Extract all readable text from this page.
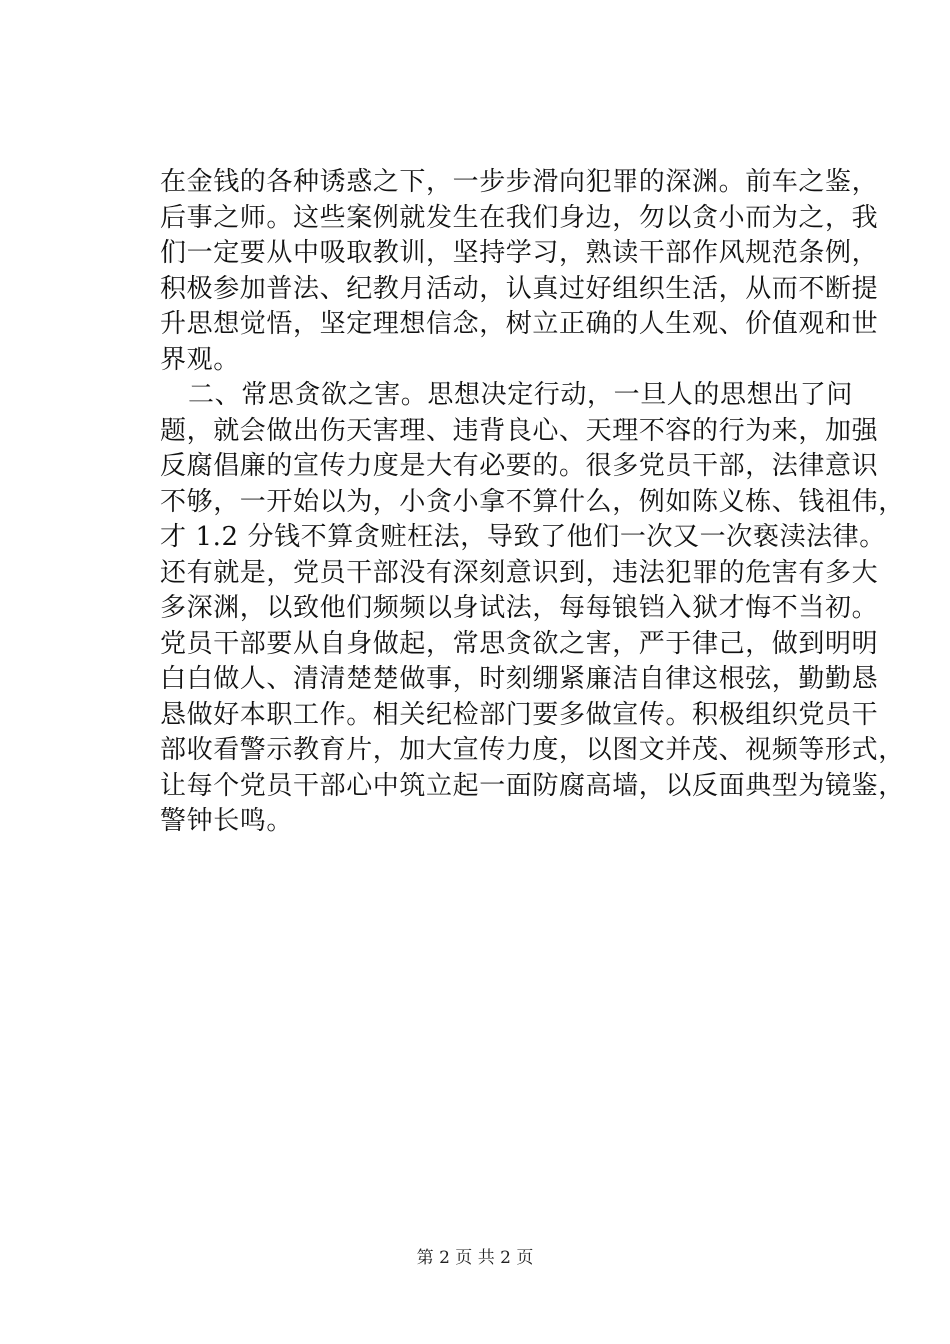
在金钱的各种诱惑之下，一步步滑向犯罪的深渊。前车之鉴，
后事之师。这些案例就发生在我们身边，勿以贪小而为之，我
们一定要从中吸取教训，坚持学习，熟读干部作风规范条例，
积极参加普法、纪教月活动，认真过好组织生活，从而不断提
升思想觉悟，坚定理想信念，树立正确的人生观、价值观和世
界观。
二、常思贪欲之害。思想决定行动，一旦人的思想出了问
题，就会做出伤天害理、违背良心、天理不容的行为来，加强
反腐倡廉的宣传力度是大有必要的。很多党员干部，法律意识
不够，一开始以为，小贪小拿不算什么，例如陈义栋、钱祖伟，
才 1.2 分钱不算贪赃枉法，导致了他们一次又一次亵渎法律。
还有就是，党员干部没有深刻意识到，违法犯罪的危害有多大
多深渊，以致他们频频以身试法，每每锒铛入狱才悔不当初。
党员干部要从自身做起，常思贪欲之害，严于律己，做到明明
白白做人、清清楚楚做事，时刻绷紧廉洁自律这根弦，勤勤恳
恳做好本职工作。相关纪检部门要多做宣传。积极组织党员干
部收看警示教育片，加大宣传力度，以图文并茂、视频等形式，
让每个党员干部心中筑立起一面防腐高墙，以反面典型为镜鉴，
警钟长鸣。
第 2 页 共 2 页
